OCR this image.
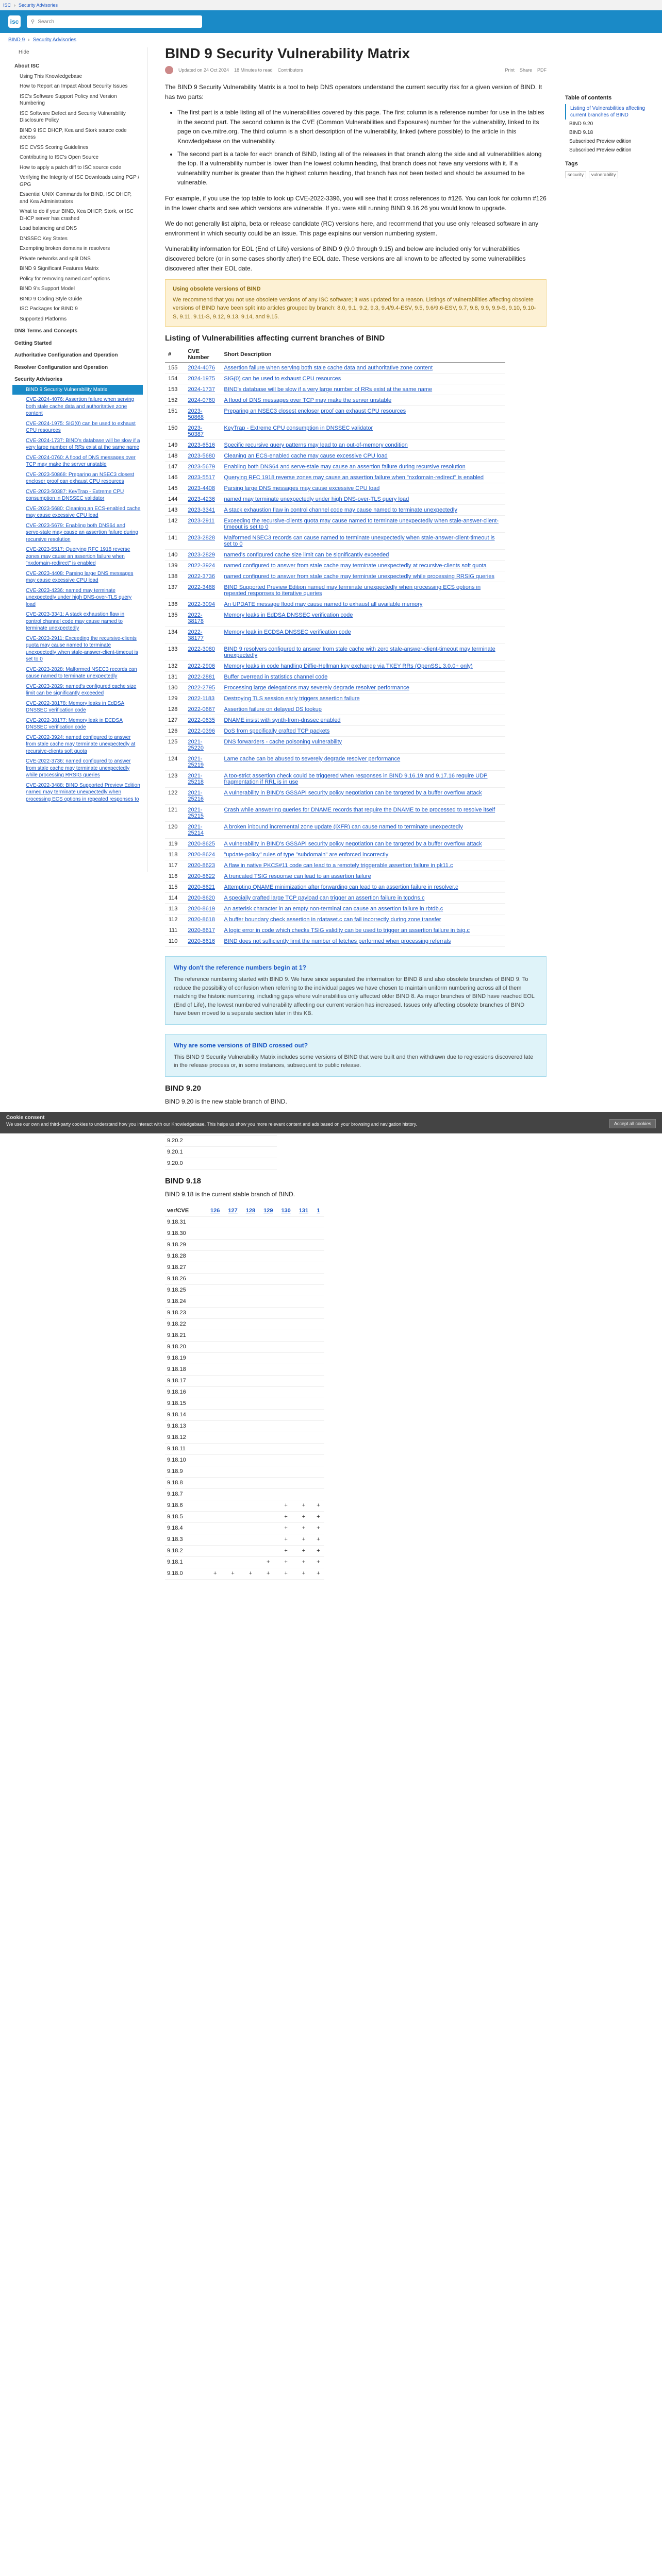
ISC › Security Advisories
isc	⚲
Search
BIND 9 › Security Advisories
Hide
About ISC
Using This Knowledgebase
How to Report an Impact About Security Issues
ISC's Software Support Policy and Version Numbering
ISC Software Defect and Security Vulnerability Disclosure Policy
BIND 9 ISC DHCP, Kea and Stork source code access
ISC CVSS Scoring Guidelines
Contributing to ISC's Open Source
How to apply a patch diff to ISC source code
Verifying the Integrity of ISC Downloads using PGP / GPG
Essential UNIX Commands for BIND, ISC DHCP, and Kea Administrators
What to do if your BIND, Kea DHCP, Stork, or ISC DHCP server has crashed
Load balancing and DNS
DNSSEC Key States
Exempting broken domains in resolvers
Private networks and split DNS
BIND 9 Significant Features Matrix
Policy for removing named.conf options
BIND 9's Support Model
BIND 9 Coding Style Guide
ISC Packages for BIND 9
Supported Platforms
DNS Terms and Concepts
Getting Started
Authoritative Configuration and Operation
Resolver Configuration and Operation
Security Advisories
BIND 9 Security Vulnerability Matrix
CVE-2024-4076: Assertion failure when serving both stale cache data and authoritative zone content
CVE-2024-1975: SIG(0) can be used to exhaust CPU resources
CVE-2024-1737: BIND's database will be slow if a very large number of RRs exist at the same name
CVE-2024-0760: A flood of DNS messages over TCP may make the server unstable
CVE-2023-50868: Preparing an NSEC3 closest encloser proof can exhaust CPU resources
CVE-2023-50387: KeyTrap - Extreme CPU consumption in DNSSEC validator
CVE-2023-5680: Cleaning an ECS-enabled cache may cause excessive CPU load
CVE-2023-5679: Enabling both DNS64 and serve-stale may cause an assertion failure during recursive resolution
CVE-2023-5517: Querying RFC 1918 reverse zones may cause an assertion failure when "nxdomain-redirect" is enabled
CVE-2023-4408: Parsing large DNS messages may cause excessive CPU load
CVE-2023-4236: named may terminate unexpectedly under high DNS-over-TLS query load
CVE-2023-3341: A stack exhaustion flaw in control channel code may cause named to terminate unexpectedly
CVE-2023-2911: Exceeding the recursive-clients quota may cause named to terminate unexpectedly when stale-answer-client-timeout is set to 0
CVE-2023-2828: Malformed NSEC3 records can cause named to terminate unexpectedly
CVE-2023-2829: named's configured cache size limit can be significantly exceeded
CVE-2022-38178: Memory leaks in EdDSA DNSSEC verification code
CVE-2022-38177: Memory leak in ECDSA DNSSEC verification code
CVE-2022-3924: named configured to answer from stale cache may terminate unexpectedly at recursive-clients soft quota
CVE-2022-3736: named configured to answer from stale cache may terminate unexpectedly while processing RRSIG queries
CVE-2022-3488: BIND Supported Preview Edition named may terminate unexpectedly when processing ECS options in repeated responses to
BIND 9 Security Vulnerability Matrix
Updated on 24 Oct 2024 18 Minutes to read Contributors	Print Share PDF

The BIND 9 Security Vulnerability Matrix is a tool to help DNS operators understand the current security risk for a given version of BIND. It has two parts:

• The first part is a table listing all of the vulnerabilities covered by this page. The first column is a reference number for use in the tables in the second part. The second column is the CVE (Common Vulnerabilities and Exposures) number for the vulnerability, linked to its page on cve.mitre.org. The third column is a short description of the vulnerability, linked (where possible) to the article in this Knowledgebase on the vulnerability.
• The second part is a table for each branch of BIND, listing all of the releases in that branch along the side and all vulnerabilities along the top. If a vulnerability number is lower than the lowest column heading, that branch does not have any versions with it. If a vulnerability number is greater than the highest column heading, that branch has not been tested and should be assumed to be vulnerable.

For example, if you use the top table to look up CVE-2022-3396, you will see that it cross references to #126. You can look for column #126 in the lower charts and see which versions are vulnerable. If you were still running BIND 9.16.26 you would know to upgrade.

We do not generally list alpha, beta or release candidate (RC) versions here, and recommend that you use only released software in any environment in which security could be an issue. This page explains our version numbering system.

Vulnerability information for EOL (End of Life) versions of BIND 9 (9.0 through 9.15) and below are included only for vulnerabilities discovered before (or in some cases shortly after) the EOL date. These versions are all known to be affected by some vulnerabilities discovered after their EOL date.

Using obsolete versions of BIND
We recommend that you not use obsolete versions of any ISC software; it was updated for a reason. Listings of vulnerabilities affecting obsolete versions of BIND have been split into articles grouped by branch: 8.0, 9.1, 9.2, 9.3, 9.4/9.4-ESV, 9.5, 9.6/9.6-ESV, 9.7, 9.8, 9.9, 9.9-S, 9.10, 9.10-S, 9.11, 9.11-S, 9.12, 9.13, 9.14, and 9.15.
Listing of Vulnerabilities affecting current branches of BIND
#	CVE Number	Short Description
155	2024-4076	Assertion failure when serving both stale cache data and authoritative zone content
154	2024-1975	SIG(0) can be used to exhaust CPU resources
153	2024-1737	BIND's database will be slow if a very large number of RRs exist at the same name
152	2024-0760	A flood of DNS messages over TCP may make the server unstable
151	2023-50868	Preparing an NSEC3 closest encloser proof can exhaust CPU resources
150	2023-50387	KeyTrap - Extreme CPU consumption in DNSSEC validator
149	2023-6516	Specific recursive query patterns may lead to an out-of-memory condition
148	2023-5680	Cleaning an ECS-enabled cache may cause excessive CPU load
147	2023-5679	Enabling both DNS64 and serve-stale may cause an assertion failure during recursive resolution
146	2023-5517	Querying RFC 1918 reverse zones may cause an assertion failure when "nxdomain-redirect" is enabled
145	2023-4408	Parsing large DNS messages may cause excessive CPU load
144	2023-4236	named may terminate unexpectedly under high DNS-over-TLS query load
143	2023-3341	A stack exhaustion flaw in control channel code may cause named to terminate unexpectedly
142	2023-2911	Exceeding the recursive-clients quota may cause named to terminate unexpectedly when stale-answer-client-timeout is set to 0
141	2023-2828	Malformed NSEC3 records can cause named to terminate unexpectedly when stale-answer-client-timeout is set to 0
140	2023-2829	named's configured cache size limit can be significantly exceeded
139	2022-3924	named configured to answer from stale cache may terminate unexpectedly at recursive-clients soft quota
138	2022-3736	named configured to answer from stale cache may terminate unexpectedly while processing RRSIG queries
137	2022-3488	BIND Supported Preview Edition named may terminate unexpectedly when processing ECS options in repeated responses to iterative queries
136	2022-3094	An UPDATE message flood may cause named to exhaust all available memory
135	2022-38178	Memory leaks in EdDSA DNSSEC verification code
134	2022-38177	Memory leak in ECDSA DNSSEC verification code
133	2022-3080	BIND 9 resolvers configured to answer from stale cache with zero stale-answer-client-timeout may terminate unexpectedly
132	2022-2906	Memory leaks in code handling Diffie-Hellman key exchange via TKEY RRs (OpenSSL 3.0.0+ only)
131	2022-2881	Buffer overread in statistics channel code
130	2022-2795	Processing large delegations may severely degrade resolver performance
129	2022-1183	Destroying TLS session early triggers assertion failure
128	2022-0667	Assertion failure on delayed DS lookup
127	2022-0635	DNAME insist with synth-from-dnssec enabled
126	2022-0396	DoS from specifically crafted TCP packets
125	2021-25220	DNS forwarders - cache poisoning vulnerability
124	2021-25219	Lame cache can be abused to severely degrade resolver performance
123	2021-25218	A too-strict assertion check could be triggered when responses in BIND 9.16.19 and 9.17.16 require UDP fragmentation if RRL is in use
122	2021-25216	A vulnerability in BIND's GSSAPI security policy negotiation can be targeted by a buffer overflow attack
121	2021-25215	Crash while answering queries for DNAME records that require the DNAME to be processed to resolve itself
120	2021-25214	A broken inbound incremental zone update (IXFR) can cause named to terminate unexpectedly
119	2020-8625	A vulnerability in BIND's GSSAPI security policy negotiation can be targeted by a buffer overflow attack
118	2020-8624	"update-policy" rules of type "subdomain" are enforced incorrectly
117	2020-8623	A flaw in native PKCS#11 code can lead to a remotely triggerable assertion failure in pk11.c
116	2020-8622	A truncated TSIG response can lead to an assertion failure
115	2020-8621	Attempting QNAME minimization after forwarding can lead to an assertion failure in resolver.c
114	2020-8620	A specially crafted large TCP payload can trigger an assertion failure in tcpdns.c
113	2020-8619	An asterisk character in an empty non-terminal can cause an assertion failure in rbtdb.c
112	2020-8618	A buffer boundary check assertion in rdataset.c can fail incorrectly during zone transfer
111	2020-8617	A logic error in code which checks TSIG validity can be used to trigger an assertion failure in tsig.c
110	2020-8616	BIND does not sufficiently limit the number of fetches performed when processing referrals
Why don't the reference numbers begin at 1?
The reference numbering started with BIND 9. We have since separated the information for BIND 8 and also obsolete branches of BIND 9. To reduce the possibility of confusion when referring to the individual pages we have chosen to maintain uniform numbering across all of them matching the historic numbering, including gaps where vulnerabilities only affected older BIND 8. As major branches of BIND have reached EOL (End of Life), the lowest numbered vulnerability affecting our current version has increased. Issues only affecting obsolete branches of BIND have been moved to a separate section later in this KB.
Why are some versions of BIND crossed out?
This BIND 9 Security Vulnerability Matrix includes some versions of BIND that were built and then withdrawn due to regressions discovered late in the release process or, in some instances, subsequent to public release.
BIND 9.20

BIND 9.20 is the new stable branch of BIND.

9.20.2				
9.20.1				
9.20.0				
BIND 9.18

BIND 9.18 is the current stable branch of BIND.

ver/CVE	126	127	128	129	130	131	1
9.18.31							
9.18.30							
9.18.29							
9.18.28							
9.18.27							
9.18.26							
9.18.25							
9.18.24							
9.18.23							
9.18.22							
9.18.21							
9.18.20							
9.18.19							
9.18.18							
9.18.17							
9.18.16							
9.18.15							
9.18.14							
9.18.13							
9.18.12							
9.18.11							
9.18.10							
9.18.9							
9.18.8							
9.18.7							
9.18.6					+	+	+
9.18.5					+	+	+
9.18.4					+	+	+
9.18.3					+	+	+
9.18.2					+	+	+
9.18.1				+	+	+	+
9.18.0	+	+	+	+	+	+	+
Table of contents
Listing of Vulnerabilities affecting current branches of BIND
BIND 9.20
BIND 9.18
Subscribed Preview edition
Subscribed Preview edition
Tags
security vulnerability
Cookie consent
We use our own and third-party cookies to understand how you interact with our Knowledgebase. This helps us show you more relevant content and ads based on your browsing and navigation history.	Accept all cookies
